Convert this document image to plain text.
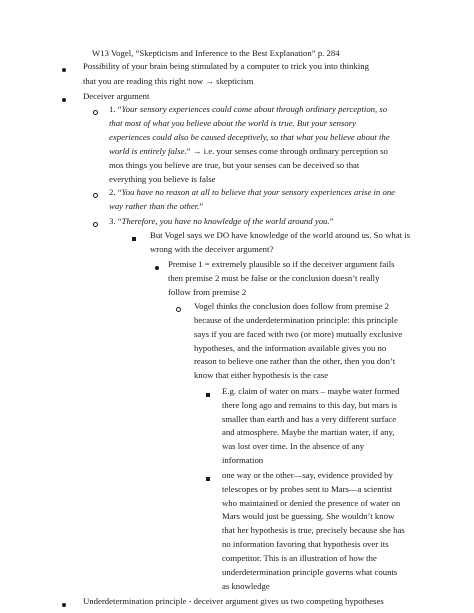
W13 Vogel, “Skepticism and Inference to the Best Explanation” p. 284
Possibility of your brain being stimulated by a computer to trick you into thinking
that you are reading this right now → skepticism
Deceiver argument
1. “Your sensory experiences could come about through ordinary perception, so
that most of what you believe about the world is true. But your sensory
experiences could also be caused deceptively, so that what you believe about the
world is entirely false.” → i.e. your senses come through ordinary perception so
mos things you believe are true, but your senses can be deceived so that
everything you believe is false
2. “You have no reason at all to believe that your sensory experiences arise in one
way rather than the other.”
3. “Therefore, you have no knowledge of the world around you.”
But Vogel says we DO have knowledge of the world around us. So what is
wrong with the deceiver argument?
Premise 1 = extremely plausible so if the deceiver argument fails
then premise 2 must be false or the conclusion doesn’t really
follow from premise 2
Vogel thinks the conclusion does follow from premise 2
because of the underdetermination principle: this principle
says if you are faced with two (or more) mutually exclusive
hypotheses, and the information available gives you no
reason to believe one rather than the other, then you don’t
know that either hypothesis is the case
E.g. claim of water on mars – maybe water formed
there long ago and remains to this day, but mars is
smaller than earth and has a very different surface
and atmosphere. Maybe the martian water, if any,
was lost over time. In the absence of any
information
one way or the other—say, evidence provided by
telescopes or by probes sent to Mars—a scientist
who maintained or denied the presence of water on
Mars would just be guessing. She wouldn’t know
that her hypothesis is true, precisely because she has
no information favoring that hypothesis over its
competitor. This is an illustration of how the
underdetermination principle governs what counts
as knowledge
Underdetermination principle - deceiver argument gives us two competing hypotheses
